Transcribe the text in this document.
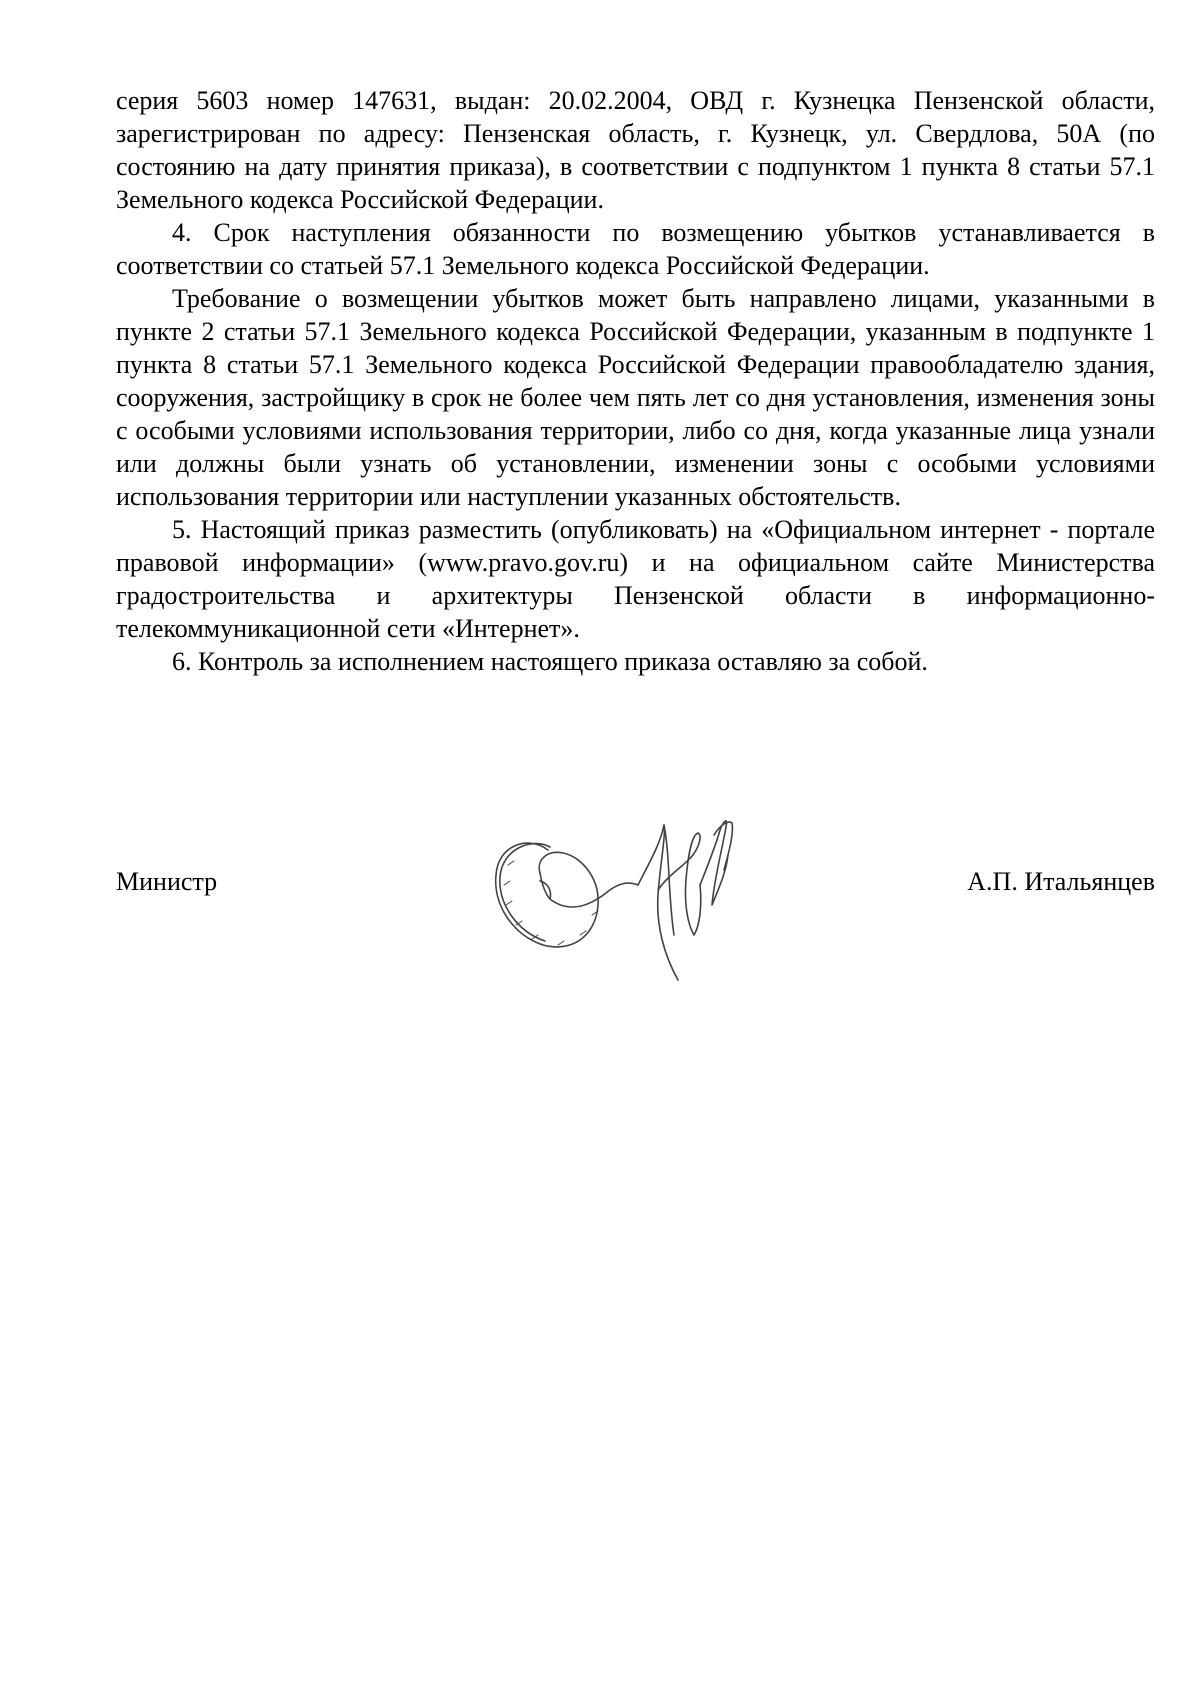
серия 5603 номер 147631, выдан: 20.02.2004, ОВД г. Кузнецка Пензенской области, зарегистрирован по адресу: Пензенская область, г. Кузнецк, ул. Свердлова, 50А (по состоянию на дату принятия приказа), в соответствии с подпунктом 1 пункта 8 статьи 57.1 Земельного кодекса Российской Федерации.

4. Срок наступления обязанности по возмещению убытков устанавливается в соответствии со статьей 57.1 Земельного кодекса Российской Федерации.

Требование о возмещении убытков может быть направлено лицами, указанными в пункте 2 статьи 57.1 Земельного кодекса Российской Федерации, указанным в подпункте 1 пункта 8 статьи 57.1 Земельного кодекса Российской Федерации правообладателю здания, сооружения, застройщику в срок не более чем пять лет со дня установления, изменения зоны с особыми условиями использования территории, либо со дня, когда указанные лица узнали или должны были узнать об установлении, изменении зоны с особыми условиями использования территории или наступлении указанных обстоятельств.

5. Настоящий приказ разместить (опубликовать) на «Официальном интернет - портале правовой информации» (www.pravo.gov.ru) и на официальном сайте Министерства градостроительства и архитектуры Пензенской области в информационно-телекоммуникационной сети «Интернет».

6. Контроль за исполнением настоящего приказа оставляю за собой.

Министр	А.П. Итальянцев
